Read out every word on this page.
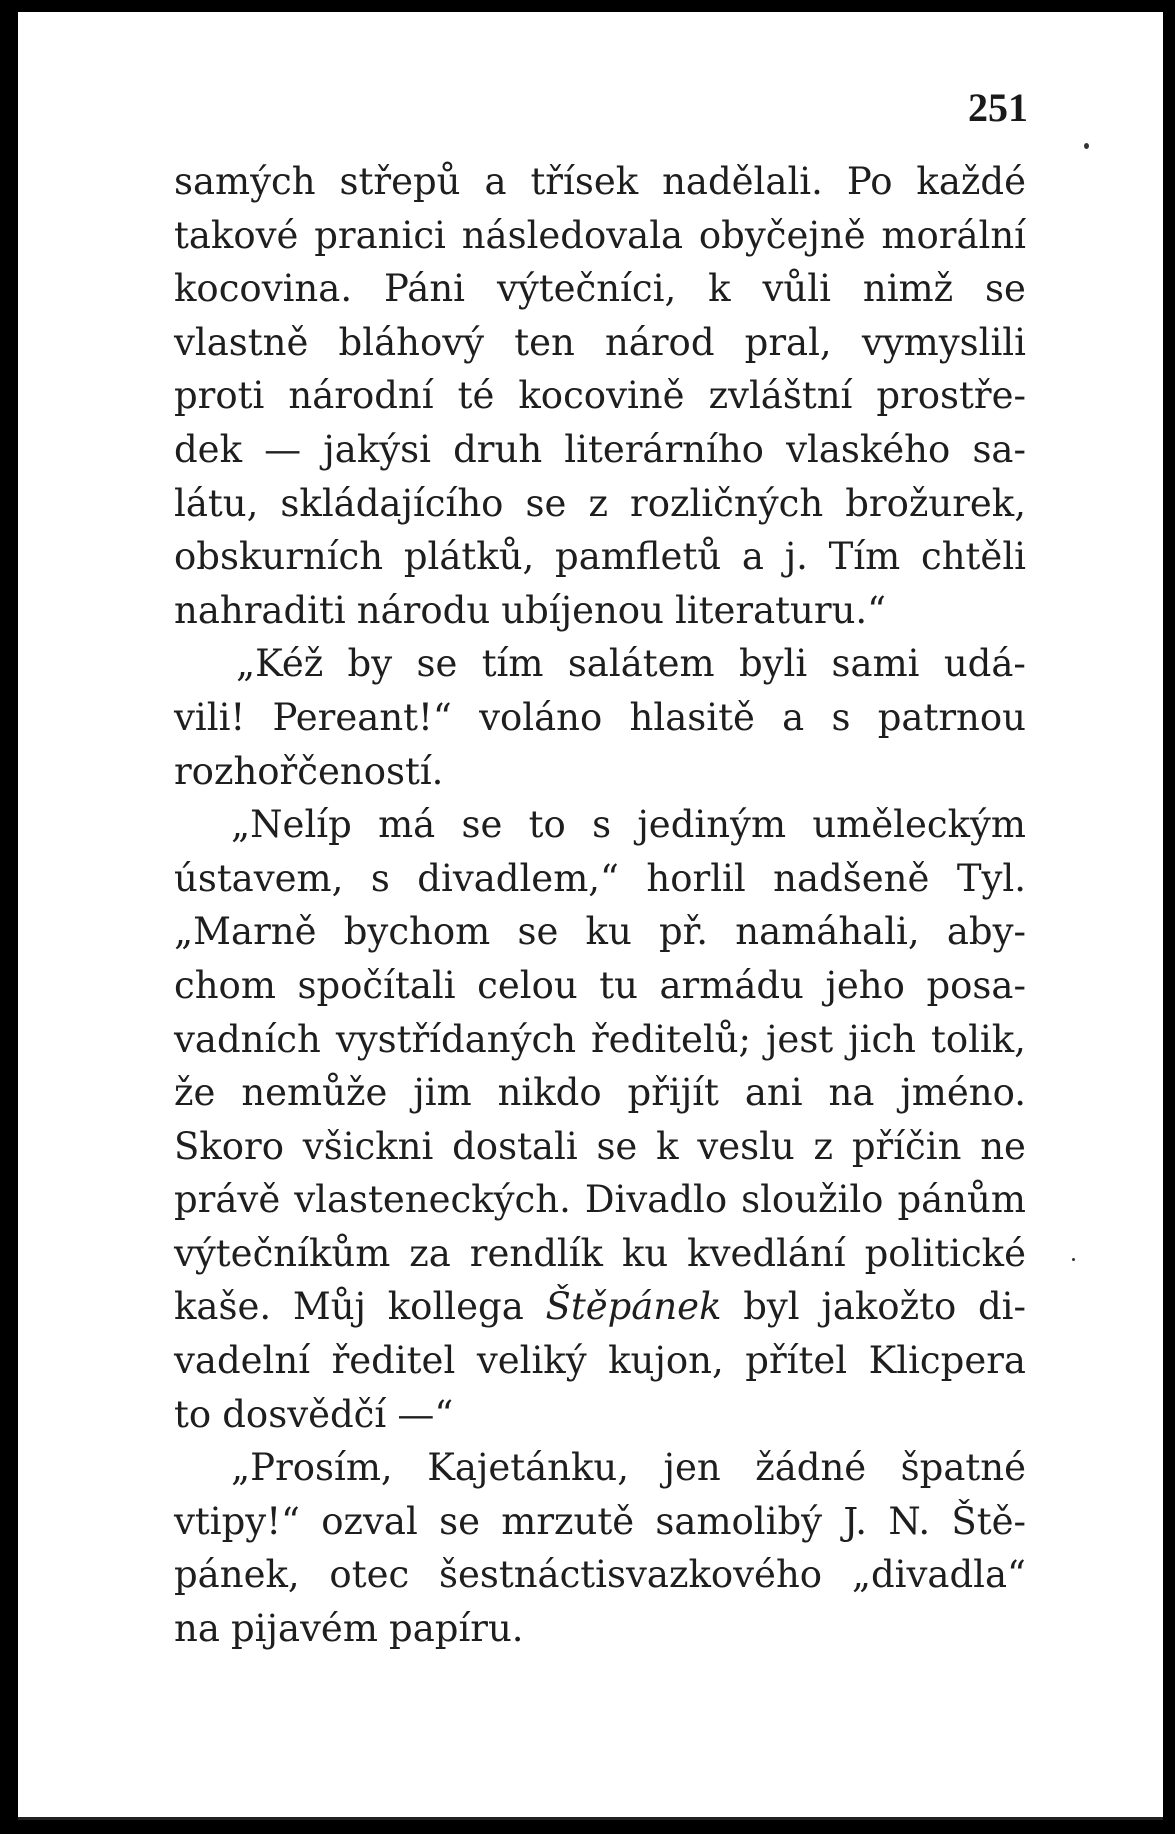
251
samých střepů a třísek nadělali. Po každé
takové pranici následovala obyčejně morální
kocovina. Páni výtečníci, k vůli nimž se
vlastně bláhový ten národ pral, vymyslili
proti národní té kocovině zvláštní prostře-
dek — jakýsi druh literárního vlaského sa-
látu, skládajícího se z rozličných brožurek,
obskurních plátků, pamfletů a j. Tím chtěli
nahraditi národu ubíjenou literaturu.“
„Kéž by se tím salátem byli sami udá-
vili! Pereant!“ voláno hlasitě a s patrnou
rozhořčeností.
„Nelíp má se to s jediným uměleckým
ústavem, s divadlem,“ horlil nadšeně Tyl.
„Marně bychom se ku př. namáhali, aby-
chom spočítali celou tu armádu jeho posa-
vadních vystřídaných ředitelů; jest jich tolik,
že nemůže jim nikdo přijít ani na jméno.
Skoro všickni dostali se k veslu z příčin ne
právě vlasteneckých. Divadlo sloužilo pánům
výtečníkům za rendlík ku kvedlání politické
kaše. Můj kollega Štěpánek byl jakožto di-
vadelní ředitel veliký kujon, přítel Klicpera
to dosvědčí —“
„Prosím, Kajetánku, jen žádné špatné
vtipy!“ ozval se mrzutě samolibý J. N. Ště-
pánek, otec šestnáctisvazkového „divadla“
na pijavém papíru.
